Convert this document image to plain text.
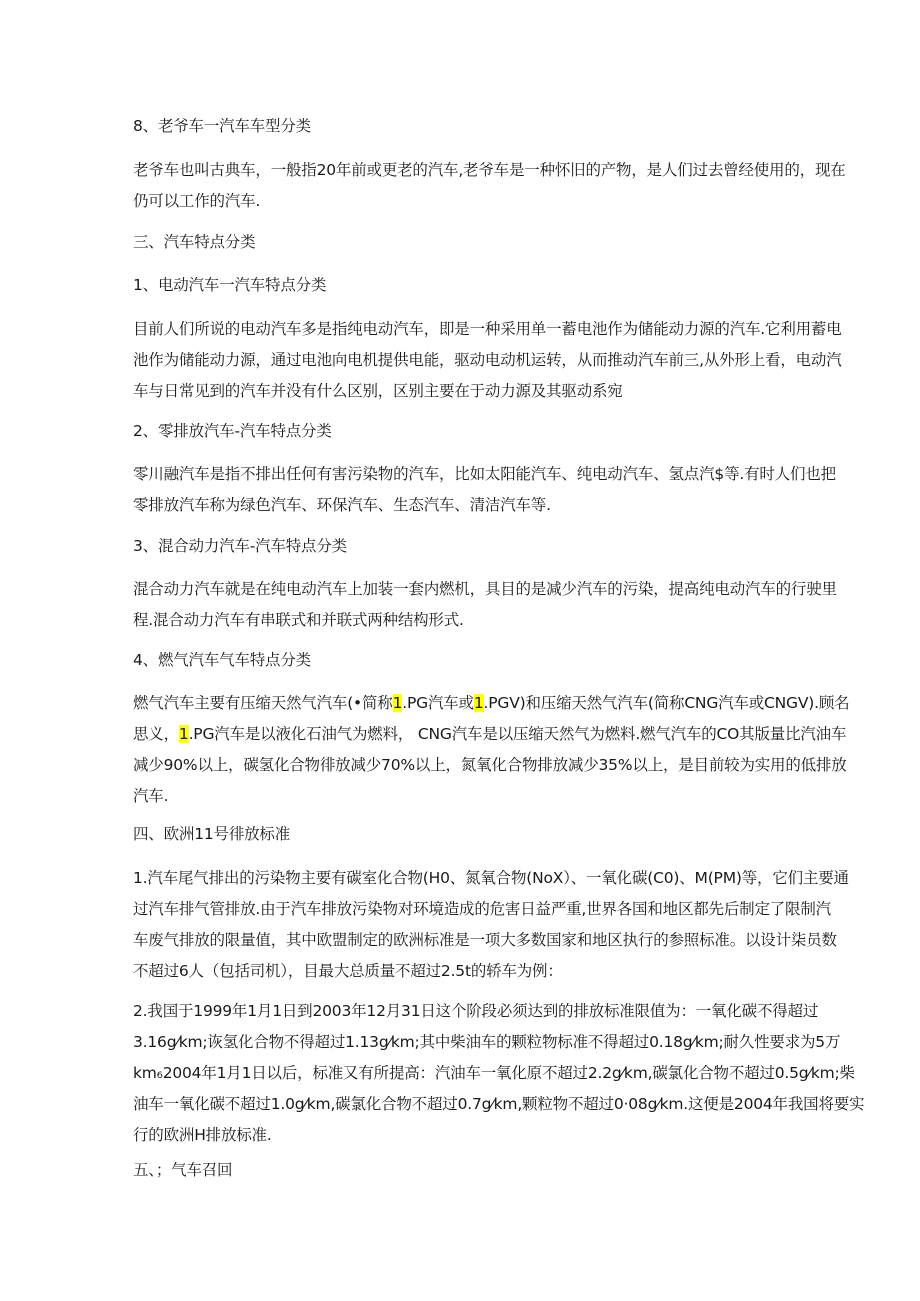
8、老爷车一汽车车型分类
老爷车也叫古典车，一般指20年前或更老的汽车,老爷车是一种怀旧的产物，是人们过去曾经使用的，现在
仍可以工作的汽车.
三、汽车特点分类
1、电动汽车一汽车特点分类
目前人们所说的电动汽车多是指纯电动汽车，即是一种采用单一蓄电池作为储能动力源的汽车.它利用蓄电
池作为储能动力源，通过电池向电机提供电能，驱动电动机运转，从而推动汽车前三,从外形上看，电动汽
车与日常见到的汽车并没有什么区别，区别主要在于动力源及其驱动系宛
2、零排放汽车-汽车特点分类
零川融汽车是指不排出任何有害污染物的汽车，比如太阳能汽车、纯电动汽车、氢点汽$等.有时人们也把
零排放汽车称为绿色汽车、环保汽车、生态汽车、清洁汽车等.
3、混合动力汽车-汽车特点分类
混合动力汽车就是在纯电动汽车上加装一套内燃机，具目的是减少汽车的污染，提高纯电动汽车的行驶里
程.混合动力汽车有串联式和并联式两种结构形式.
4、燃气汽车气车特点分类
燃气汽车主要有压缩天然气汽车(•简称1.PG汽车或1.PGV)和压缩天然气汽车(简称CNG汽车或CNGV).顾名
思义，1.PG汽车是以液化石油气为燃料， CNG汽车是以压缩天然气为燃料.燃气汽车的CO其版量比汽油车
减少90%以上，碳氢化合物徘放减少70%以上，氮氧化合物排放减少35%以上，是目前较为实用的低排放
汽车.
四、欧洲11号徘放标准
1.汽车尾气排出的污染物主要有碳室化合物(H0、氮氧合物(NoX）、一氧化碳(C0)、M(PM)等，它们主要通
过汽车排气管排放.由于汽车排放污染物对环境造成的危害日益严重,世界各国和地区都先后制定了限制汽
车废气排放的限量值，其中欧盟制定的欧洲标准是一项大多数国家和地区执行的参照标准。以设计柒员数
不超过6人（包括司机），目最大总质量不超过2.5t的轿车为例：
2.我国于1999年1月1日到2003年12月31日这个阶段必须达到的排放标准限值为：一氧化碳不得超过
3.16g⁄km;诙氢化合物不得超过1.13g⁄km;其中柴油车的颗粒物标准不得超过0.18g⁄km;耐久性要求为5万
km₆2004年1月1日以后，标准又有所提高：汽油车一氧化原不超过2.2g⁄km,碳氯化合物不超过0.5g⁄km;柴
油车一氧化碳不超过1.0g⁄km,碳氯化合物不超过0.7g⁄km,颗粒物不超过0·08g⁄km.这便是2004年我国将要实
行的欧洲H排放标准.
五、；气车召回
